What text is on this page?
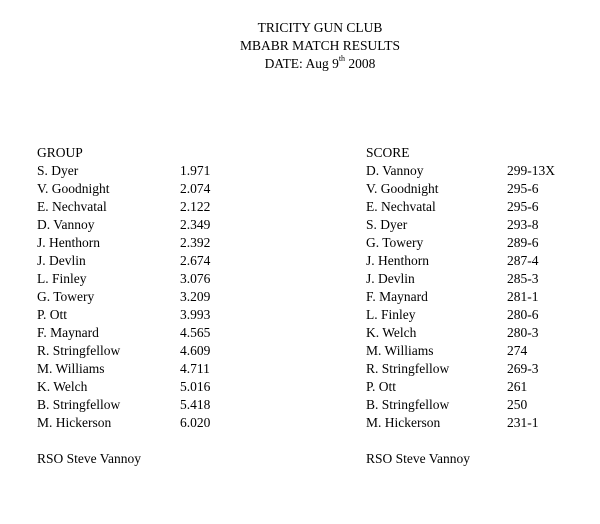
TRICITY GUN CLUB
MBABR MATCH RESULTS
DATE: Aug 9th 2008
GROUP
S. Dyer	1.971
V. Goodnight	2.074
E. Nechvatal	2.122
D. Vannoy	2.349
J. Henthorn	2.392
J. Devlin	2.674
L. Finley	3.076
G. Towery	3.209
P. Ott	3.993
F. Maynard	4.565
R. Stringfellow	4.609
M. Williams	4.711
K. Welch	5.016
B. Stringfellow	5.418
M. Hickerson	6.020
SCORE
D. Vannoy	299-13X
V. Goodnight	295-6
E. Nechvatal	295-6
S. Dyer	293-8
G. Towery	289-6
J. Henthorn	287-4
J. Devlin	285-3
F. Maynard	281-1
L. Finley	280-6
K. Welch	280-3
M. Williams	274
R. Stringfellow	269-3
P. Ott	261
B. Stringfellow	250
M. Hickerson	231-1
RSO Steve Vannoy	RSO Steve Vannoy
